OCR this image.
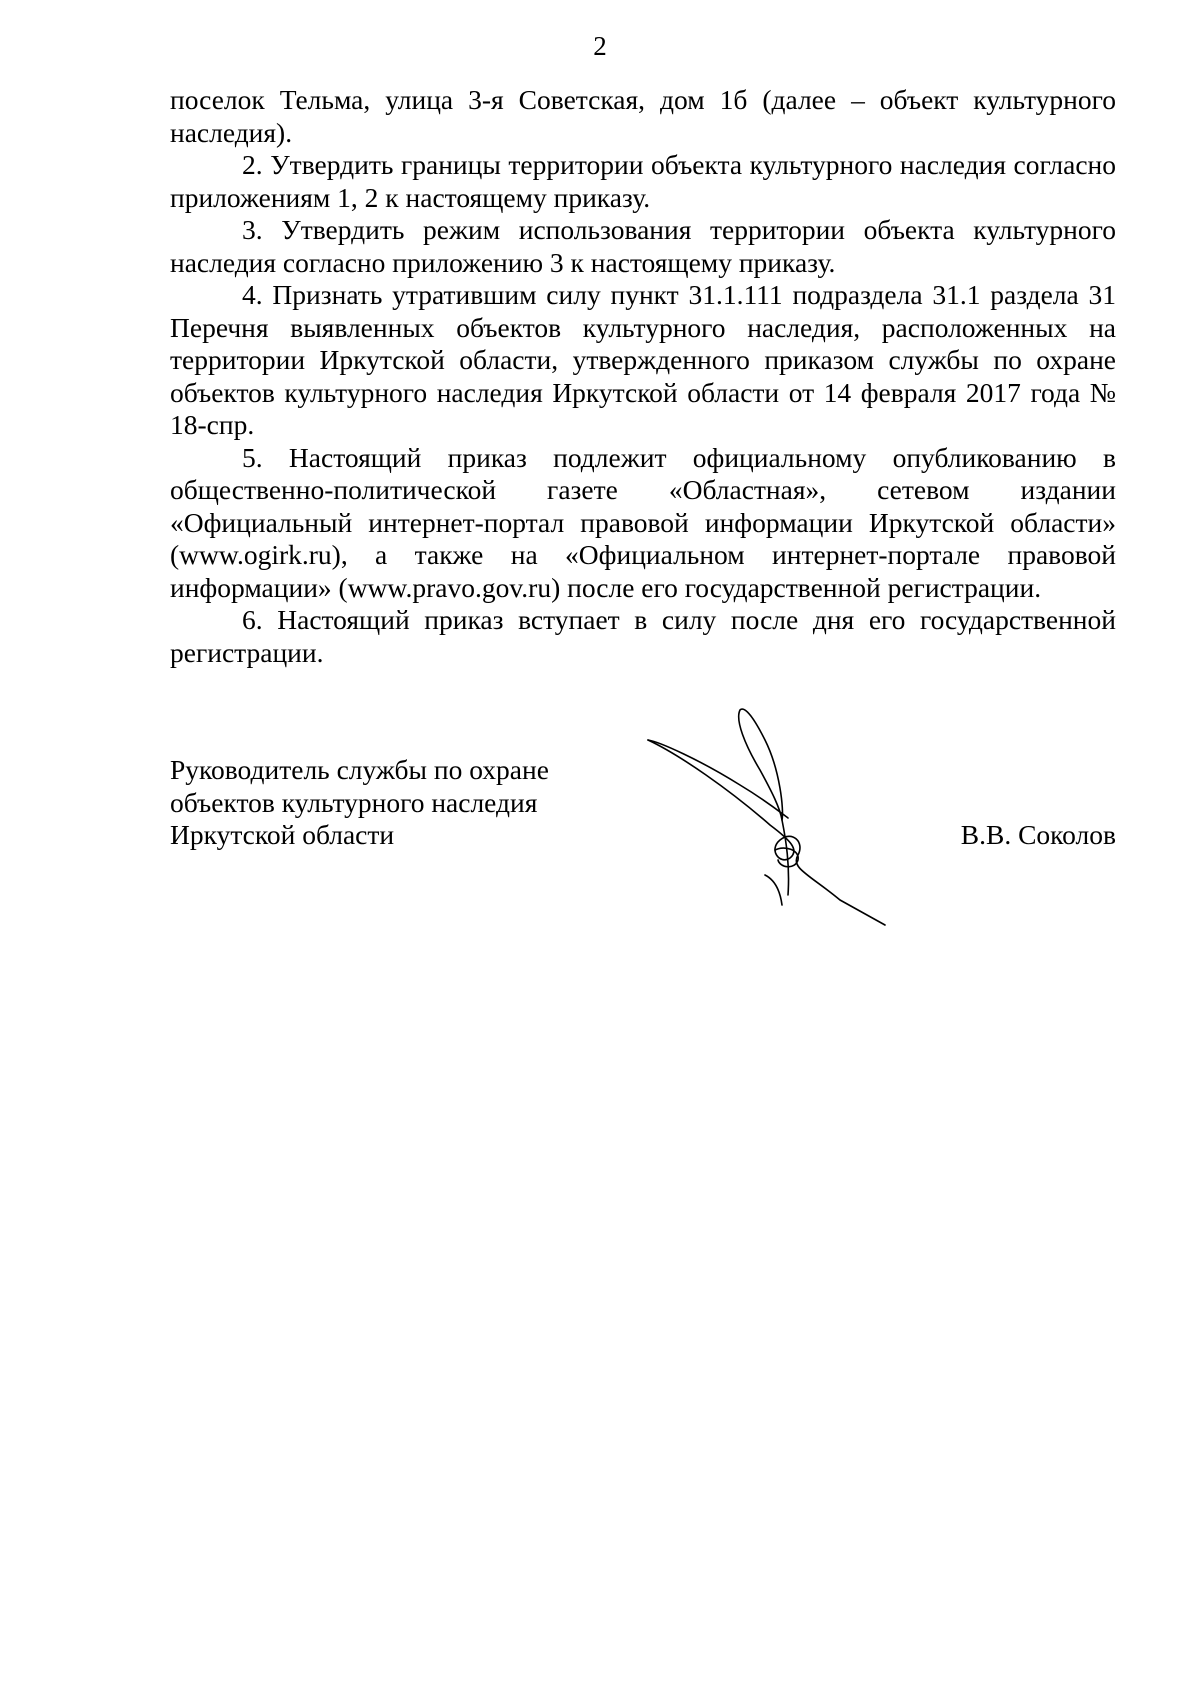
2

поселок Тельма, улица 3-я Советская, дом 1б (далее – объект культурного наследия).

2. Утвердить границы территории объекта культурного наследия согласно приложениям 1, 2 к настоящему приказу.

3. Утвердить режим использования территории объекта культурного наследия согласно приложению 3 к настоящему приказу.

4. Признать утратившим силу пункт 31.1.111 подраздела 31.1 раздела 31 Перечня выявленных объектов культурного наследия, расположенных на территории Иркутской области, утвержденного приказом службы по охране объектов культурного наследия Иркутской области от 14 февраля 2017 года № 18-спр.

5. Настоящий приказ подлежит официальному опубликованию в общественно-политической газете «Областная», сетевом издании «Официальный интернет-портал правовой информации Иркутской области» (www.ogirk.ru), а также на «Официальном интернет-портале правовой информации» (www.pravo.gov.ru) после его государственной регистрации.

6. Настоящий приказ вступает в силу после дня его государственной регистрации.

Руководитель службы по охране
объектов культурного наследия
Иркутской области	В.В. Соколов
